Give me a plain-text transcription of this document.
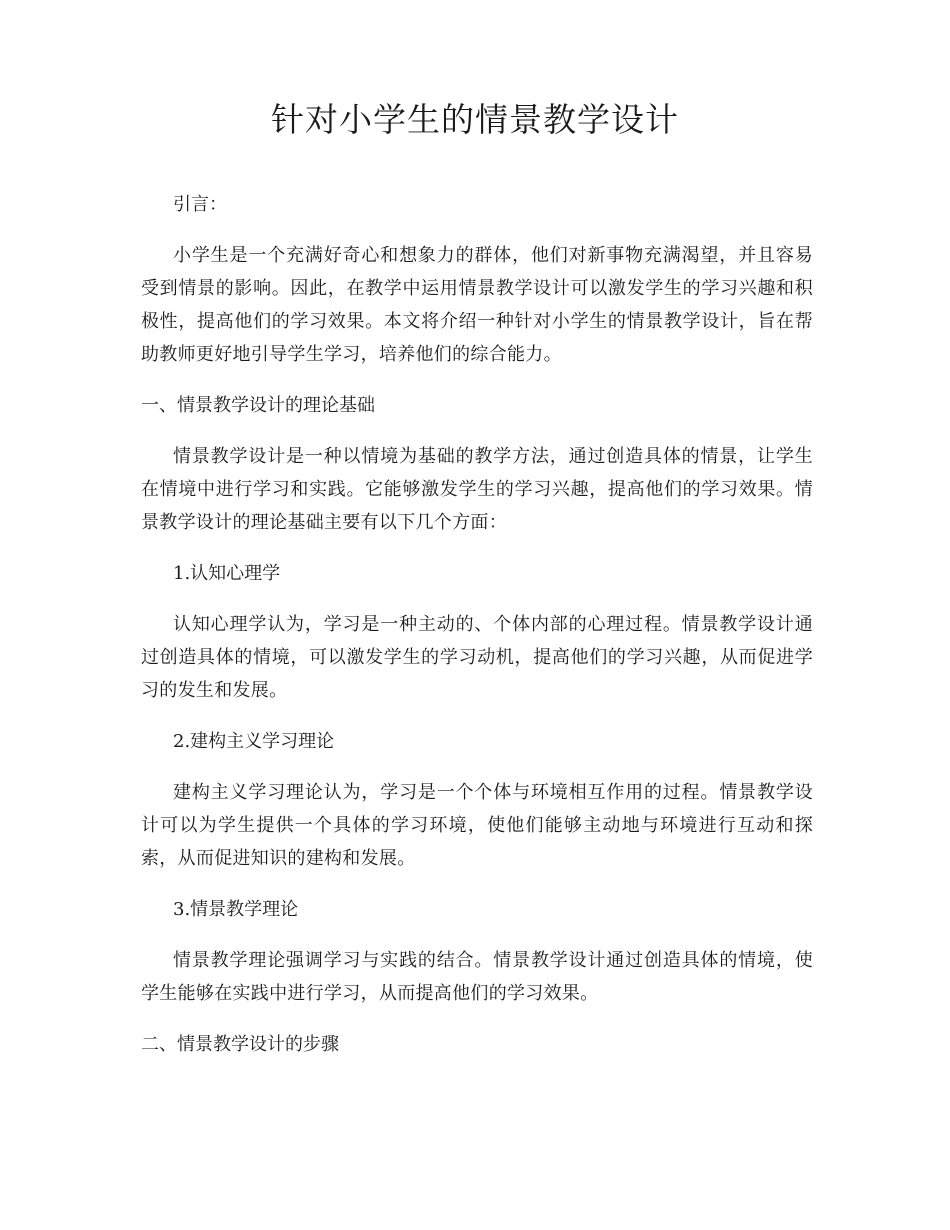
针对小学生的情景教学设计

引言：

小学生是一个充满好奇心和想象力的群体，他们对新事物充满渴望，并且容易受到情景的影响。因此，在教学中运用情景教学设计可以激发学生的学习兴趣和积极性，提高他们的学习效果。本文将介绍一种针对小学生的情景教学设计，旨在帮助教师更好地引导学生学习，培养他们的综合能力。

一、情景教学设计的理论基础

情景教学设计是一种以情境为基础的教学方法，通过创造具体的情景，让学生在情境中进行学习和实践。它能够激发学生的学习兴趣，提高他们的学习效果。情景教学设计的理论基础主要有以下几个方面：

1.认知心理学

认知心理学认为，学习是一种主动的、个体内部的心理过程。情景教学设计通过创造具体的情境，可以激发学生的学习动机，提高他们的学习兴趣，从而促进学习的发生和发展。

2.建构主义学习理论

建构主义学习理论认为，学习是一个个体与环境相互作用的过程。情景教学设计可以为学生提供一个具体的学习环境，使他们能够主动地与环境进行互动和探索，从而促进知识的建构和发展。

3.情景教学理论

情景教学理论强调学习与实践的结合。情景教学设计通过创造具体的情境，使学生能够在实践中进行学习，从而提高他们的学习效果。

二、情景教学设计的步骤
